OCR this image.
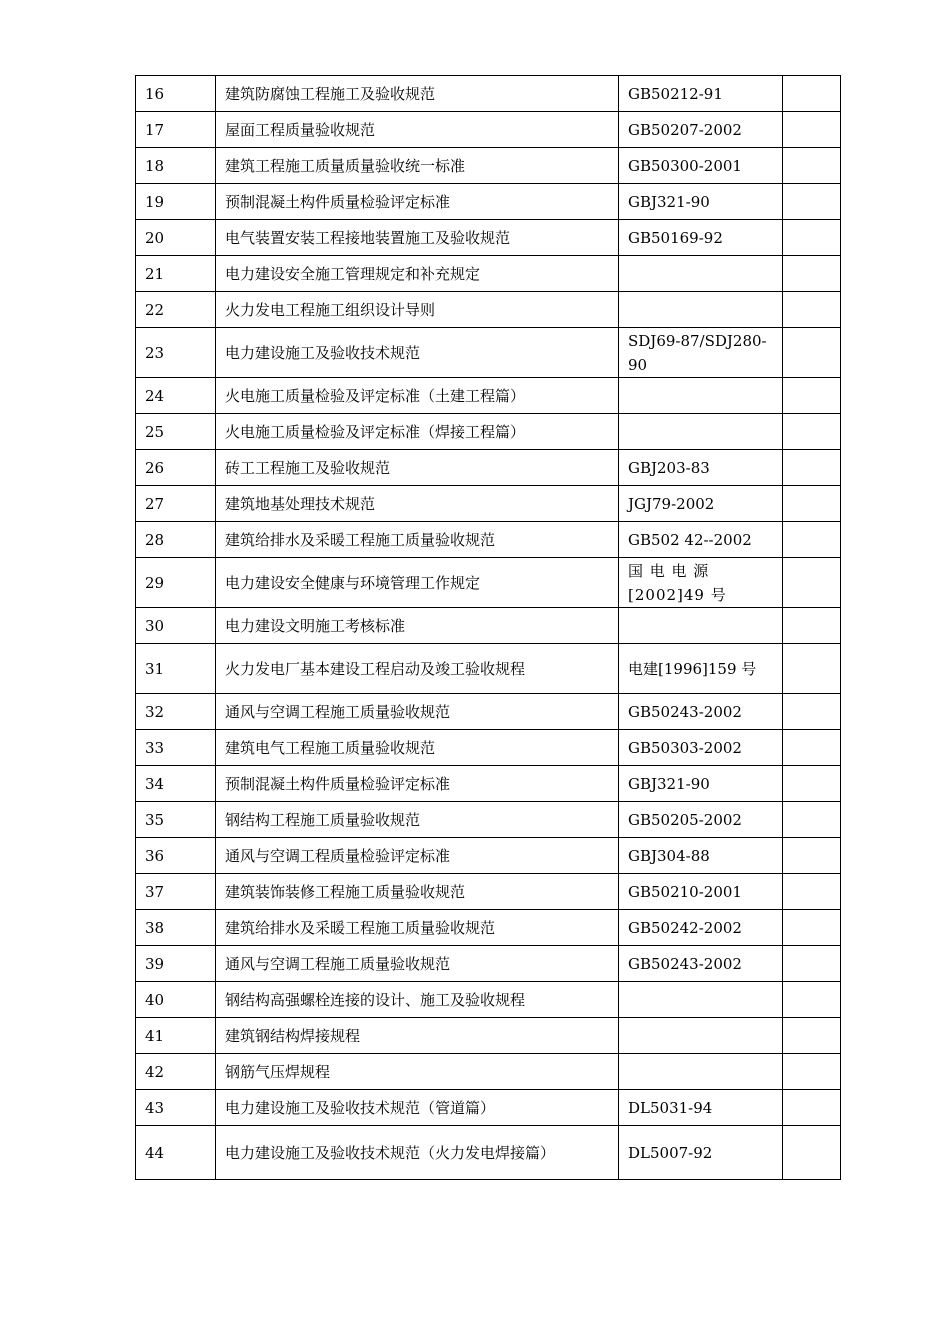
16	建筑防腐蚀工程施工及验收规范	GB50212-91	
17	屋面工程质量验收规范	GB50207-2002	
18	建筑工程施工质量质量验收统一标准	GB50300-2001	
19	预制混凝土构件质量检验评定标准	GBJ321-90	
20	电气装置安装工程接地装置施工及验收规范	GB50169-92	
21	电力建设安全施工管理规定和补充规定		
22	火力发电工程施工组织设计导则		
23	电力建设施工及验收技术规范	SDJ69-87/SDJ280-90	
24	火电施工质量检验及评定标准（土建工程篇）		
25	火电施工质量检验及评定标准（焊接工程篇）		
26	砖工工程施工及验收规范	GBJ203-83	
27	建筑地基处理技术规范	JGJ79-2002	
28	建筑给排水及采暖工程施工质量验收规范	GB502 42--2002	
29	电力建设安全健康与环境管理工作规定	国 电 电 源 [2002]49 号	
30	电力建设文明施工考核标准		
31	火力发电厂基本建设工程启动及竣工验收规程	电建[1996]159 号	
32	通风与空调工程施工质量验收规范	GB50243-2002	
33	建筑电气工程施工质量验收规范	GB50303-2002	
34	预制混凝土构件质量检验评定标准	GBJ321-90	
35	钢结构工程施工质量验收规范	GB50205-2002	
36	通风与空调工程质量检验评定标准	GBJ304-88	
37	建筑装饰装修工程施工质量验收规范	GB50210-2001	
38	建筑给排水及采暖工程施工质量验收规范	GB50242-2002	
39	通风与空调工程施工质量验收规范	GB50243-2002	
40	钢结构高强螺栓连接的设计、施工及验收规程		
41	建筑钢结构焊接规程		
42	钢筋气压焊规程		
43	电力建设施工及验收技术规范（管道篇）	DL5031-94	
44	电力建设施工及验收技术规范（火力发电焊接篇）	DL5007-92	
